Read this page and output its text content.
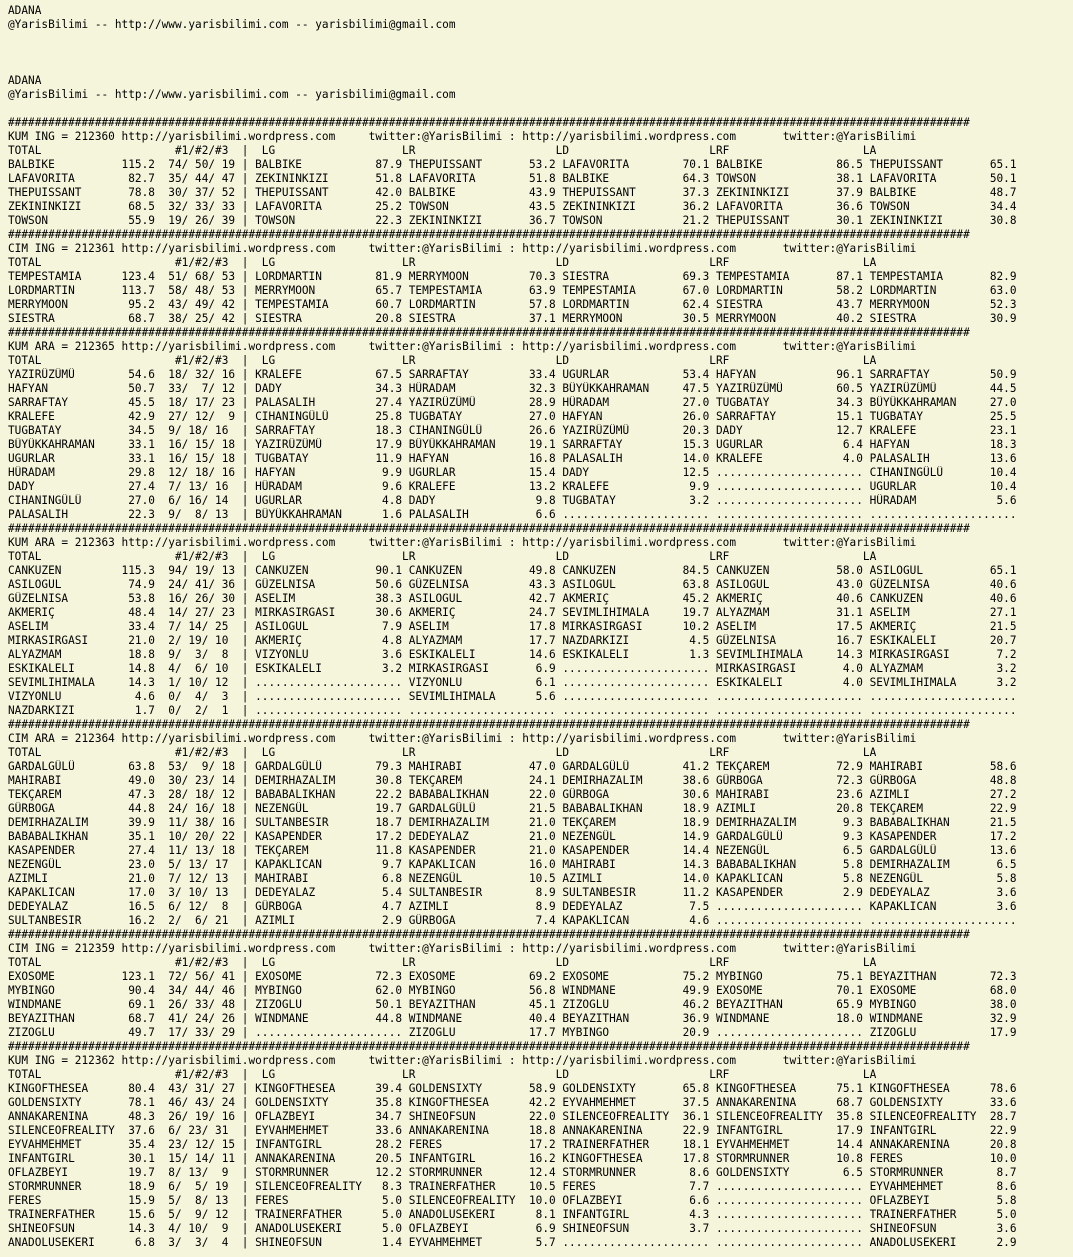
ADANA
@YarisBilimi -- http://www.yarisbilimi.com -- yarisbilimi@gmail.com
ADANA
@YarisBilimi -- http://www.yarisbilimi.com -- yarisbilimi@gmail.com
################################################################################################################################################
KUM ING = 212360 http://yarisbilimi.wordpress.com     twitter:@YarisBilimi : http://yarisbilimi.wordpress.com       twitter:@YarisBilimi
TOTAL                    #1/#2/#3  |  LG                   LR                     LD                     LRF                    LA
BALBIKE          115.2  74/ 50/ 19 | BALBIKE           87.9 THEPUISSANT       53.2 LAFAVORITA        70.1 BALBIKE           86.5 THEPUISSANT       65.1
LAFAVORITA        82.7  35/ 44/ 47 | ZEKININKIZI       51.8 LAFAVORITA        51.8 BALBIKE           64.3 TOWSON            38.1 LAFAVORITA        50.1
THEPUISSANT       78.8  30/ 37/ 52 | THEPUISSANT       42.0 BALBIKE           43.9 THEPUISSANT       37.3 ZEKININKIZI       37.9 BALBIKE           48.7
ZEKININKIZI       68.5  32/ 33/ 33 | LAFAVORITA        25.2 TOWSON            43.5 ZEKININKIZI       36.2 LAFAVORITA        36.6 TOWSON            34.4
TOWSON            55.9  19/ 26/ 39 | TOWSON            22.3 ZEKININKIZI       36.7 TOWSON            21.2 THEPUISSANT       30.1 ZEKININKIZI       30.8
################################################################################################################################################
CIM ING = 212361 http://yarisbilimi.wordpress.com     twitter:@YarisBilimi : http://yarisbilimi.wordpress.com       twitter:@YarisBilimi
TOTAL                    #1/#2/#3  |  LG                   LR                     LD                     LRF                    LA
TEMPESTAMIA      123.4  51/ 68/ 53 | LORDMARTIN        81.9 MERRYMOON         70.3 SIESTRA           69.3 TEMPESTAMIA       87.1 TEMPESTAMIA       82.9
LORDMARTIN       113.7  58/ 48/ 53 | MERRYMOON         65.7 TEMPESTAMIA       63.9 TEMPESTAMIA       67.0 LORDMARTIN        58.2 LORDMARTIN        63.0
MERRYMOON         95.2  43/ 49/ 42 | TEMPESTAMIA       60.7 LORDMARTIN        57.8 LORDMARTIN        62.4 SIESTRA           43.7 MERRYMOON         52.3
SIESTRA           68.7  38/ 25/ 42 | SIESTRA           20.8 SIESTRA           37.1 MERRYMOON         30.5 MERRYMOON         40.2 SIESTRA           30.9
################################################################################################################################################
KUM ARA = 212365 http://yarisbilimi.wordpress.com     twitter:@YarisBilimi : http://yarisbilimi.wordpress.com       twitter:@YarisBilimi
TOTAL                    #1/#2/#3  |  LG                   LR                     LD                     LRF                    LA
YAZIRÜZÜMÜ        54.6  18/ 32/ 16 | KRALEFE           67.5 SARRAFTAY         33.4 UGURLAR           53.4 HAFYAN            96.1 SARRAFTAY         50.9
HAFYAN            50.7  33/  7/ 12 | DADY              34.3 HÜRADAM           32.3 BÜYÜKKAHRAMAN     47.5 YAZIRÜZÜMÜ        60.5 YAZIRÜZÜMÜ        44.5
SARRAFTAY         45.5  18/ 17/ 23 | PALASALIH         27.4 YAZIRÜZÜMÜ        28.9 HÜRADAM           27.0 TUGBATAY          34.3 BÜYÜKKAHRAMAN     27.0
KRALEFE           42.9  27/ 12/  9 | CIHANINGÜLÜ       25.8 TUGBATAY          27.0 HAFYAN            26.0 SARRAFTAY         15.1 TUGBATAY          25.5
TUGBATAY          34.5  9/ 18/ 16  | SARRAFTAY         18.3 CIHANINGÜLÜ       26.6 YAZIRÜZÜMÜ        20.3 DADY              12.7 KRALEFE           23.1
BÜYÜKKAHRAMAN     33.1  16/ 15/ 18 | YAZIRÜZÜMÜ        17.9 BÜYÜKKAHRAMAN     19.1 SARRAFTAY         15.3 UGURLAR            6.4 HAFYAN            18.3
UGURLAR           33.1  16/ 15/ 18 | TUGBATAY          11.9 HAFYAN            16.8 PALASALIH         14.0 KRALEFE            4.0 PALASALIH         13.6
HÜRADAM           29.8  12/ 18/ 16 | HAFYAN             9.9 UGURLAR           15.4 DADY              12.5 ...................... CIHANINGÜLÜ       10.4
DADY              27.4  7/ 13/ 16  | HÜRADAM            9.6 KRALEFE           13.2 KRALEFE            9.9 ...................... UGURLAR           10.4
CIHANINGÜLÜ       27.0  6/ 16/ 14  | UGURLAR            4.8 DADY               9.8 TUGBATAY           3.2 ...................... HÜRADAM            5.6
PALASALIH         22.3  9/  8/ 13  | BÜYÜKKAHRAMAN      1.6 PALASALIH          6.6 ...................... ...................... ......................
################################################################################################################################################
KUM ARA = 212363 http://yarisbilimi.wordpress.com     twitter:@YarisBilimi : http://yarisbilimi.wordpress.com       twitter:@YarisBilimi
TOTAL                    #1/#2/#3  |  LG                   LR                     LD                     LRF                    LA
CANKUZEN         115.3  94/ 19/ 13 | CANKUZEN          90.1 CANKUZEN          49.8 CANKUZEN          84.5 CANKUZEN          58.0 ASILOGUL          65.1
ASILOGUL          74.9  24/ 41/ 36 | GÜZELNISA         50.6 GÜZELNISA         43.3 ASILOGUL          63.8 ASILOGUL          43.0 GÜZELNISA         40.6
GÜZELNISA         53.8  16/ 26/ 30 | ASELIM            38.3 ASILOGUL          42.7 AKMERIÇ           45.2 AKMERIÇ           40.6 CANKUZEN          40.6
AKMERIÇ           48.4  14/ 27/ 23 | MIRKASIRGASI      30.6 AKMERIÇ           24.7 SEVIMLIHIMALA     19.7 ALYAZMAM          31.1 ASELIM            27.1
ASELIM            33.4  7/ 14/ 25  | ASILOGUL           7.9 ASELIM            17.8 MIRKASIRGASI      10.2 ASELIM            17.5 AKMERIÇ           21.5
MIRKASIRGASI      21.0  2/ 19/ 10  | AKMERIÇ            4.8 ALYAZMAM          17.7 NAZDARKIZI         4.5 GÜZELNISA         16.7 ESKIKALELI        20.7
ALYAZMAM          18.8  9/  3/  8  | VIZYONLU           3.6 ESKIKALELI        14.6 ESKIKALELI         1.3 SEVIMLIHIMALA     14.3 MIRKASIRGASI       7.2
ESKIKALELI        14.8  4/  6/ 10  | ESKIKALELI         3.2 MIRKASIRGASI       6.9 ...................... MIRKASIRGASI       4.0 ALYAZMAM           3.2
SEVIMLIHIMALA     14.3  1/ 10/ 12  | ...................... VIZYONLU           6.1 ...................... ESKIKALELI         4.0 SEVIMLIHIMALA      3.2
VIZYONLU           4.6  0/  4/  3  | ...................... SEVIMLIHIMALA      5.6 ...................... ...................... ......................
NAZDARKIZI         1.7  0/  2/  1  | ...................... ...................... ...................... ...................... ......................
################################################################################################################################################
CIM ARA = 212364 http://yarisbilimi.wordpress.com     twitter:@YarisBilimi : http://yarisbilimi.wordpress.com       twitter:@YarisBilimi
TOTAL                    #1/#2/#3  |  LG                   LR                     LD                     LRF                    LA
GARDALGÜLÜ        63.8  53/  9/ 18 | GARDALGÜLÜ        79.3 MAHIRABI          47.0 GARDALGÜLÜ        41.2 TEKÇAREM          72.9 MAHIRABI          58.6
MAHIRABI          49.0  30/ 23/ 14 | DEMIRHAZALIM      30.8 TEKÇAREM          24.1 DEMIRHAZALIM      38.6 GÜRBOGA           72.3 GÜRBOGA           48.8
TEKÇAREM          47.3  28/ 18/ 12 | BABABALIKHAN      22.2 BABABALIKHAN      22.0 GÜRBOGA           30.6 MAHIRABI          23.6 AZIMLI            27.2
GÜRBOGA           44.8  24/ 16/ 18 | NEZENGÜL          19.7 GARDALGÜLÜ        21.5 BABABALIKHAN      18.9 AZIMLI            20.8 TEKÇAREM          22.9
DEMIRHAZALIM      39.9  11/ 38/ 16 | SULTANBESIR       18.7 DEMIRHAZALIM      21.0 TEKÇAREM          18.9 DEMIRHAZALIM       9.3 BABABALIKHAN      21.5
BABABALIKHAN      35.1  10/ 20/ 22 | KASAPENDER        17.2 DEDEYALAZ         21.0 NEZENGÜL          14.9 GARDALGÜLÜ         9.3 KASAPENDER        17.2
KASAPENDER        27.4  11/ 13/ 18 | TEKÇAREM          11.8 KASAPENDER        21.0 KASAPENDER        14.4 NEZENGÜL           6.5 GARDALGÜLÜ        13.6
NEZENGÜL          23.0  5/ 13/ 17  | KAPAKLICAN         9.7 KAPAKLICAN        16.0 MAHIRABI          14.3 BABABALIKHAN       5.8 DEMIRHAZALIM       6.5
AZIMLI            21.0  7/ 12/ 13  | MAHIRABI           6.8 NEZENGÜL          10.5 AZIMLI            14.0 KAPAKLICAN         5.8 NEZENGÜL           5.8
KAPAKLICAN        17.0  3/ 10/ 13  | DEDEYALAZ          5.4 SULTANBESIR        8.9 SULTANBESIR       11.2 KASAPENDER         2.9 DEDEYALAZ          3.6
DEDEYALAZ         16.5  6/ 12/  8  | GÜRBOGA            4.7 AZIMLI             8.9 DEDEYALAZ          7.5 ...................... KAPAKLICAN         3.6
SULTANBESIR       16.2  2/  6/ 21  | AZIMLI             2.9 GÜRBOGA            7.4 KAPAKLICAN         4.6 ...................... ......................
################################################################################################################################################
CIM ING = 212359 http://yarisbilimi.wordpress.com     twitter:@YarisBilimi : http://yarisbilimi.wordpress.com       twitter:@YarisBilimi
TOTAL                    #1/#2/#3  |  LG                   LR                     LD                     LRF                    LA
EXOSOME          123.1  72/ 56/ 41 | EXOSOME           72.3 EXOSOME           69.2 EXOSOME           75.2 MYBINGO           75.1 BEYAZITHAN        72.3
MYBINGO           90.4  34/ 44/ 46 | MYBINGO           62.0 MYBINGO           56.8 WINDMANE          49.9 EXOSOME           70.1 EXOSOME           68.0
WINDMANE          69.1  26/ 33/ 48 | ZIZOGLU           50.1 BEYAZITHAN        45.1 ZIZOGLU           46.2 BEYAZITHAN        65.9 MYBINGO           38.0
BEYAZITHAN        68.7  41/ 24/ 26 | WINDMANE          44.8 WINDMANE          40.4 BEYAZITHAN        36.9 WINDMANE          18.0 WINDMANE          32.9
ZIZOGLU           49.7  17/ 33/ 29 | ...................... ZIZOGLU           17.7 MYBINGO           20.9 ...................... ZIZOGLU           17.9
################################################################################################################################################
KUM ING = 212362 http://yarisbilimi.wordpress.com     twitter:@YarisBilimi : http://yarisbilimi.wordpress.com       twitter:@YarisBilimi
TOTAL                    #1/#2/#3  |  LG                   LR                     LD                     LRF                    LA
KINGOFTHESEA      80.4  43/ 31/ 27 | KINGOFTHESEA      39.4 GOLDENSIXTY       58.9 GOLDENSIXTY       65.8 KINGOFTHESEA      75.1 KINGOFTHESEA      78.6
GOLDENSIXTY       78.1  46/ 43/ 24 | GOLDENSIXTY       35.8 KINGOFTHESEA      42.2 EYVAHMEHMET       37.5 ANNAKARENINA      68.7 GOLDENSIXTY       33.6
ANNAKARENINA      48.3  26/ 19/ 16 | OFLAZBEYI         34.7 SHINEOFSUN        22.0 SILENCEOFREALITY  36.1 SILENCEOFREALITY  35.8 SILENCEOFREALITY  28.7
SILENCEOFREALITY  37.6  6/ 23/ 31  | EYVAHMEHMET       33.6 ANNAKARENINA      18.8 ANNAKARENINA      22.9 INFANTGIRL        17.9 INFANTGIRL        22.9
EYVAHMEHMET       35.4  23/ 12/ 15 | INFANTGIRL        28.2 FERES             17.2 TRAINERFATHER     18.1 EYVAHMEHMET       14.4 ANNAKARENINA      20.8
INFANTGIRL        30.1  15/ 14/ 11 | ANNAKARENINA      20.5 INFANTGIRL        16.2 KINGOFTHESEA      17.8 STORMRUNNER       10.8 FERES             10.0
OFLAZBEYI         19.7  8/ 13/  9  | STORMRUNNER       12.2 STORMRUNNER       12.4 STORMRUNNER        8.6 GOLDENSIXTY        6.5 STORMRUNNER        8.7
STORMRUNNER       18.9  6/  5/ 19  | SILENCEOFREALITY   8.3 TRAINERFATHER     10.5 FERES              7.7 ...................... EYVAHMEHMET        8.6
FERES             15.9  5/  8/ 13  | FERES              5.0 SILENCEOFREALITY  10.0 OFLAZBEYI          6.6 ...................... OFLAZBEYI          5.8
TRAINERFATHER     15.6  5/  9/ 12  | TRAINERFATHER      5.0 ANADOLUSEKERI      8.1 INFANTGIRL         4.3 ...................... TRAINERFATHER      5.0
SHINEOFSUN        14.3  4/ 10/  9  | ANADOLUSEKERI      5.0 OFLAZBEYI          6.9 SHINEOFSUN         3.7 ...................... SHINEOFSUN         3.6
ANADOLUSEKERI      6.8  3/  3/  4  | SHINEOFSUN         1.4 EYVAHMEHMET        5.7 ...................... ...................... ANADOLUSEKERI      2.9
